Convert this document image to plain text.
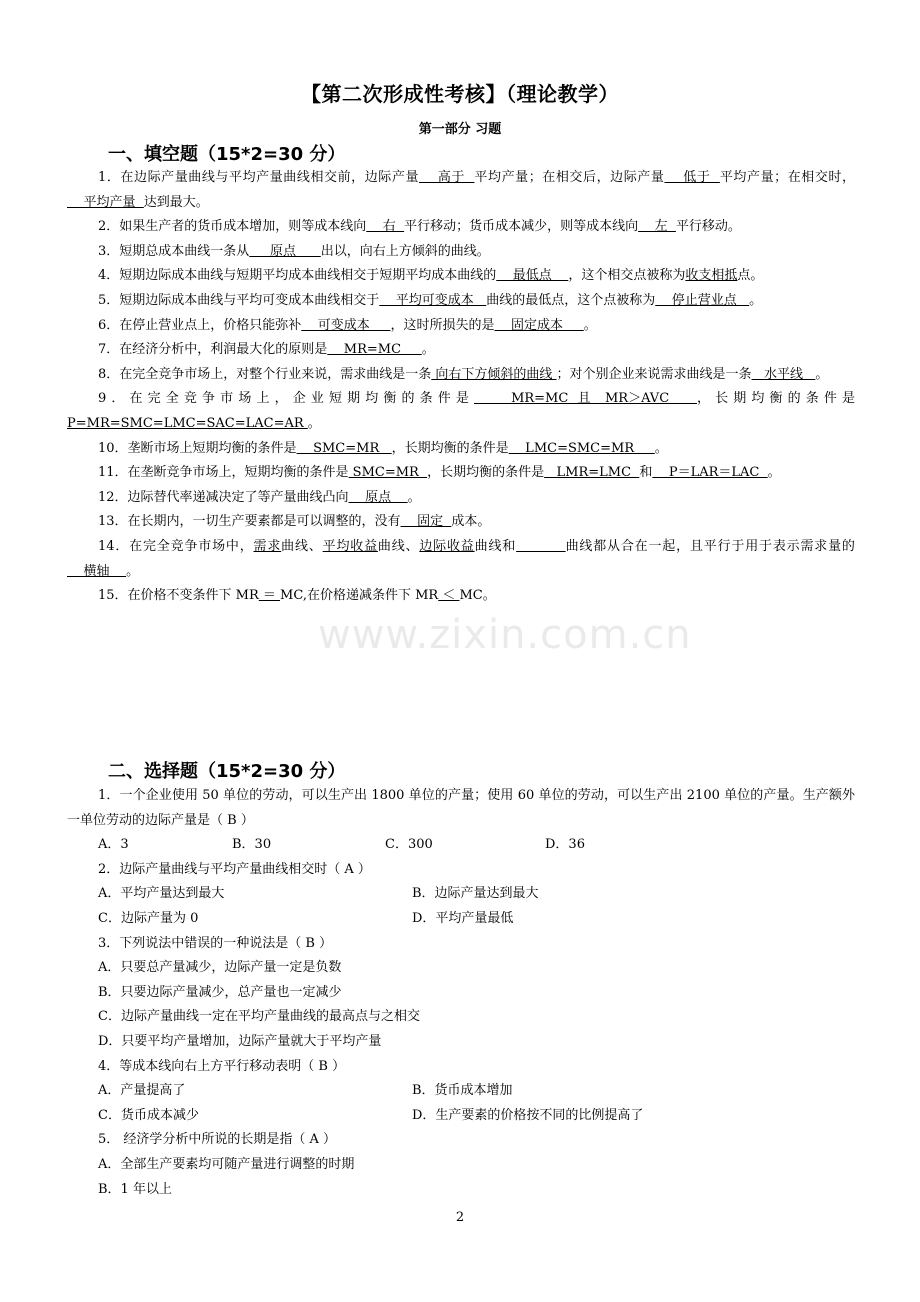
www.zixin.com.cn
【第二次形成性考核】（理论教学）
第一部分 习题
一、填空题（15*2=30 分）
1．在边际产量曲线与平均产量曲线相交前，边际产量    高于  平均产量；在相交后，边际产量    低于  平均产量；在相交时，    平均产量  达到最大。
2．如果生产者的货币成本增加，则等成本线向    右  平行移动；货币成本减少，则等成本线向    左  平行移动。
3．短期总成本曲线一条从     原点      出以，向右上方倾斜的曲线。
4．短期边际成本曲线与短期平均成本曲线相交于短期平均成本曲线的    最低点    ，这个相交点被称为收支相抵点。
5．短期边际成本曲线与平均可变成本曲线相交于    平均可变成本   曲线的最低点，这个点被称为    停止营业点   。
6．在停止营业点上，价格只能弥补    可变成本     ，这时所损失的是    固定成本     。
7．在经济分析中，利润最大化的原则是    MR=MC     。
8．在完全竞争市场上，对整个行业来说，需求曲线是一条 向右下方倾斜的曲线 ；对个别企业来说需求曲线是一条   水平线   。
9．在完全竞争市场上，企业短期均衡的条件是    MR=MC 且 MR＞AVC   ，长期均衡的条件是P=MR=SMC=LMC=SAC=LAC=AR 。
10．垄断市场上短期均衡的条件是    SMC=MR   ，长期均衡的条件是    LMC=SMC=MR     。
11．在垄断竞争市场上，短期均衡的条件是 SMC=MR  ，长期均衡的条件是   LMR=LMC  和    P＝LAR＝LAC  。
12．边际替代率递减决定了等产量曲线凸向    原点    。
13．在长期内，一切生产要素都是可以调整的，没有    固定  成本。
14．在完全竞争市场中，需求曲线、平均收益曲线、边际收益曲线和	曲线都从合在一起，且平行于用于表示需求量的    横轴    。
15．在价格不变条件下 MR ＝ MC,在价格递减条件下 MR ＜ MC。
二、选择题（15*2=30 分）
1．一个企业使用 50 单位的劳动，可以生产出 1800 单位的产量；使用 60 单位的劳动，可以生产出 2100 单位的产量。生产额外一单位劳动的边际产量是（ B ）
A．3	B．30	C．300	D．36
2．边际产量曲线与平均产量曲线相交时（ A ）
A．平均产量达到最大	B．边际产量达到最大
C．边际产量为 0	D．平均产量最低
3．下列说法中错误的一种说法是（ B ）
A．只要总产量减少，边际产量一定是负数
B．只要边际产量减少，总产量也一定减少
C．边际产量曲线一定在平均产量曲线的最高点与之相交
D．只要平均产量增加，边际产量就大于平均产量
4．等成本线向右上方平行移动表明（ B ）
A．产量提高了	B．货币成本增加
C．货币成本减少	D．生产要素的价格按不同的比例提高了
5． 经济学分析中所说的长期是指（ A ）
A．全部生产要素均可随产量进行调整的时期
B．1 年以上
2
